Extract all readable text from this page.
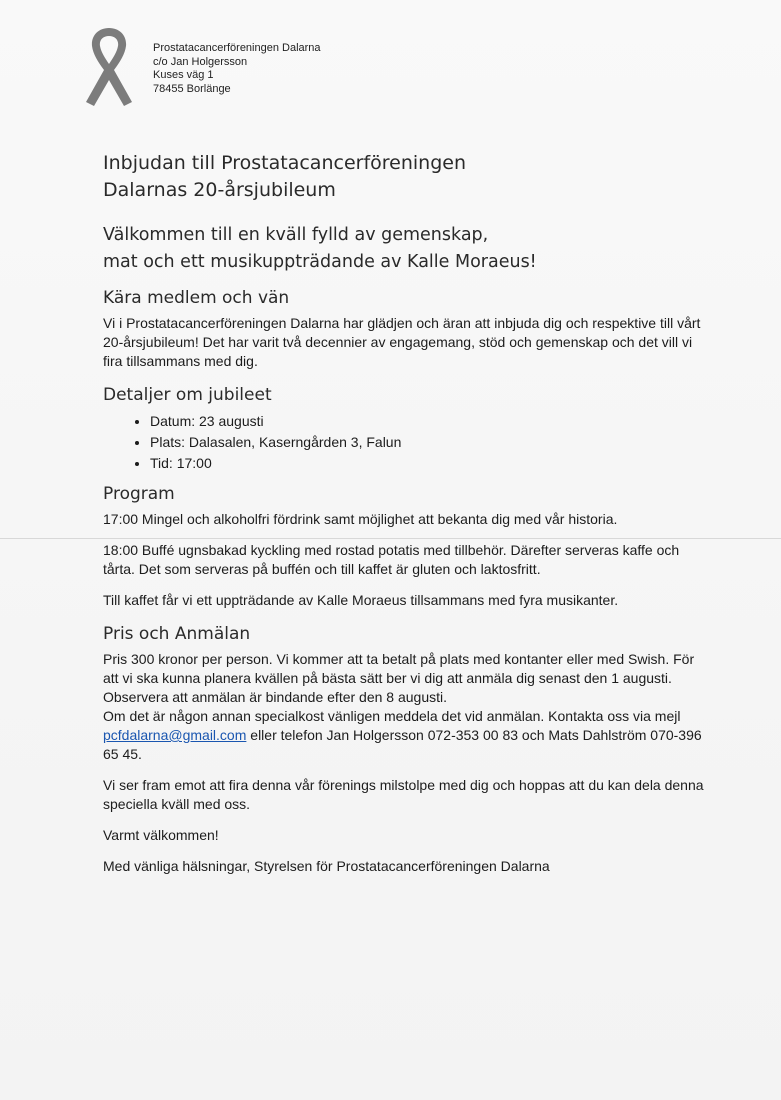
Prostatacancerföreningen Dalarna
c/o Jan Holgersson
Kuses väg 1
78455 Borlänge
Inbjudan till Prostatacancerföreningen
Dalarnas 20-årsjubileum
Välkommen till en kväll fylld av gemenskap,
mat och ett musikuppträdande av Kalle Moraeus!
Kära medlem och vän

Vi i Prostatacancerföreningen Dalarna har glädjen och äran att inbjuda dig och respektive till vårt 20-årsjubileum! Det har varit två decennier av engagemang, stöd och gemenskap och det vill vi fira tillsammans med dig.

Detaljer om jubileet
• Datum: 23 augusti
• Plats: Dalasalen, Kaserngården 3, Falun
• Tid: 17:00
Program

17:00 Mingel och alkoholfri fördrink samt möjlighet att bekanta dig med vår historia.

18:00 Buffé ugnsbakad kyckling med rostad potatis med tillbehör. Därefter serveras kaffe och tårta. Det som serveras på buffén och till kaffet är gluten och laktosfritt.

Till kaffet får vi ett uppträdande av Kalle Moraeus tillsammans med fyra musikanter.

Pris och Anmälan

Pris 300 kronor per person. Vi kommer att ta betalt på plats med kontanter eller med Swish. För att vi ska kunna planera kvällen på bästa sätt ber vi dig att anmäla dig senast den 1 augusti. Observera att anmälan är bindande efter den 8 augusti.

Om det är någon annan specialkost vänligen meddela det vid anmälan. Kontakta oss via mejl pcfdalarna@gmail.com eller telefon Jan Holgersson 072-353 00 83 och Mats Dahlström 070-396 65 45.

Vi ser fram emot att fira denna vår förenings milstolpe med dig och hoppas att du kan dela denna speciella kväll med oss.

Varmt välkommen!

Med vänliga hälsningar, Styrelsen för Prostatacancerföreningen Dalarna
